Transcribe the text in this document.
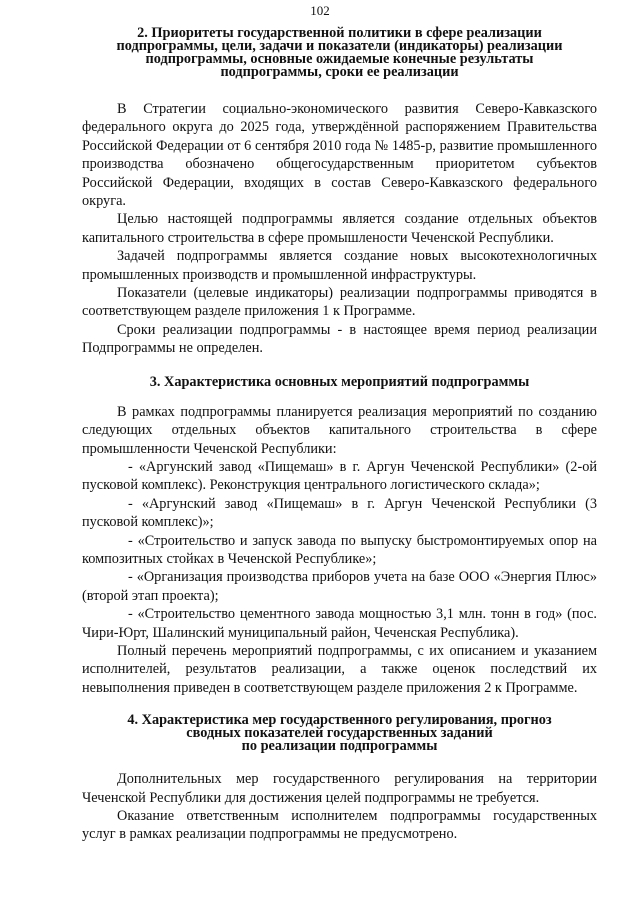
102
2. Приоритеты государственной политики в сфере реализации
подпрограммы, цели, задачи и показатели (индикаторы) реализации
подпрограммы, основные ожидаемые конечные результаты
подпрограммы, сроки ее реализации

В Стратегии социально-экономического развития Северо-Кавказского федерального округа до 2025 года, утверждённой распоряжением Правительства Российской Федерации от 6 сентября 2010 года № 1485-р, развитие промышленного производства обозначено общегосударственным приоритетом субъектов Российской Федерации, входящих в состав Северо-Кавказского федерального округа.

Целью настоящей подпрограммы является создание отдельных объектов капитального строительства в сфере промышлености Чеченской Республики.

Задачей подпрограммы является создание новых высокотехнологичных промышленных производств и промышленной инфраструктуры.

Показатели (целевые индикаторы) реализации подпрограммы приводятся в соответствующем разделе приложения 1 к Программе.

Сроки реализации подпрограммы - в настоящее время период реализации Подпрограммы не определен.

3. Характеристика основных мероприятий подпрограммы

В рамках подпрограммы планируется реализация мероприятий по созданию следующих отдельных объектов капитального строительства в сфере промышленности Чеченской Республики:

- «Аргунский завод «Пищемаш» в г. Аргун Чеченской Республики» (2-ой пусковой комплекс). Реконструкция центрального логистического склада»;

- «Аргунский завод «Пищемаш» в г. Аргун Чеченской Республики (3 пусковой комплекс)»;

- «Строительство и запуск завода по выпуску быстромонтируемых опор на композитных стойках в Чеченской Республике»;

- «Организация производства приборов учета на базе ООО «Энергия Плюс» (второй этап проекта);

- «Строительство цементного завода мощностью 3,1 млн. тонн в год» (пос. Чири-Юрт, Шалинский муниципальный район, Чеченская Республика).

Полный перечень мероприятий подпрограммы, с их описанием и указанием исполнителей, результатов реализации, а также оценок последствий их невыполнения приведен в соответствующем разделе приложения 2 к Программе.

4. Характеристика мер государственного регулирования, прогноз
сводных показателей государственных заданий
по реализации подпрограммы

Дополнительных мер государственного регулирования на территории Чеченской Республики для достижения целей подпрограммы не требуется.

Оказание ответственным исполнителем подпрограммы государственных услуг в рамках реализации подпрограммы не предусмотрено.
